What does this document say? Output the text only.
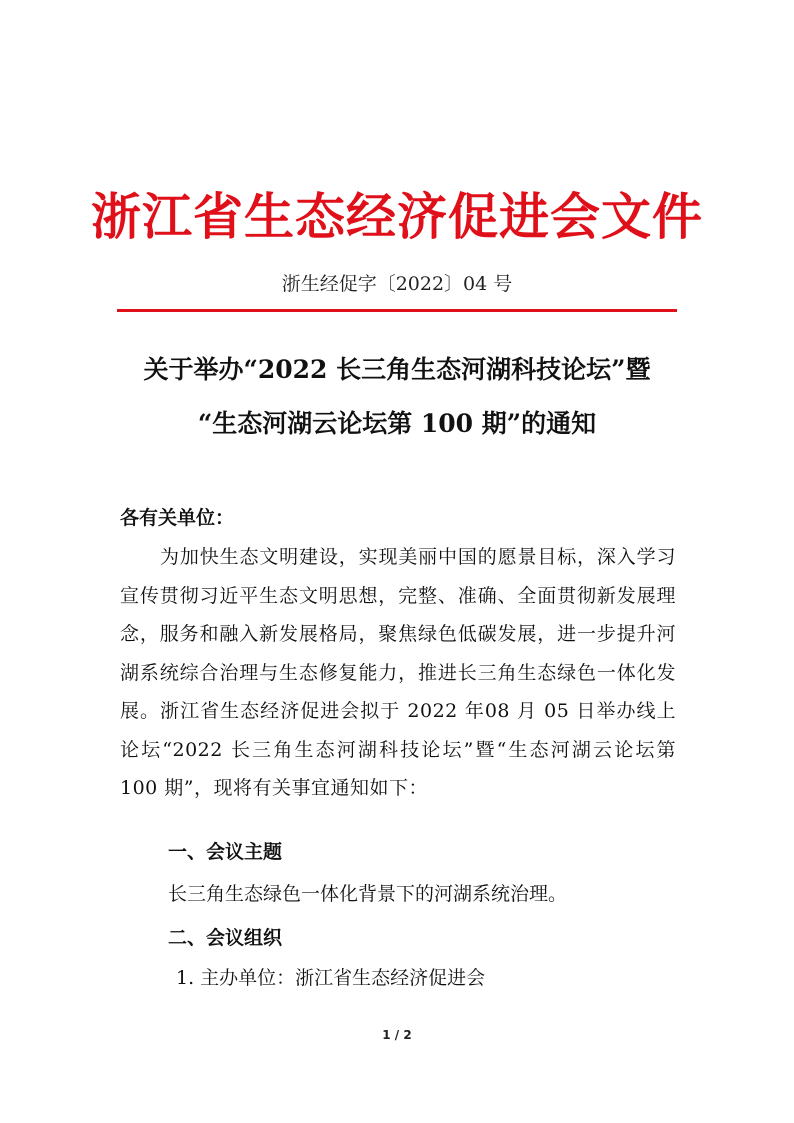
浙江省生态经济促进会文件
浙生经促字〔2022〕04 号
关于举办“2022 长三角生态河湖科技论坛”暨
“生态河湖云论坛第 100 期”的通知
各有关单位：
为加快生态文明建设，实现美丽中国的愿景目标，深入学习宣传贯彻习近平生态文明思想，完整、准确、全面贯彻新发展理念，服务和融入新发展格局，聚焦绿色低碳发展，进一步提升河湖系统综合治理与生态修复能力，推进长三角生态绿色一体化发展。浙江省生态经济促进会拟于 2022 年08 月 05 日举办线上论坛“2022 长三角生态河湖科技论坛”暨“生态河湖云论坛第 100 期”，现将有关事宜通知如下：
一、会议主题
长三角生态绿色一体化背景下的河湖系统治理。
二、会议组织
1. 主办单位：浙江省生态经济促进会
1 / 2
